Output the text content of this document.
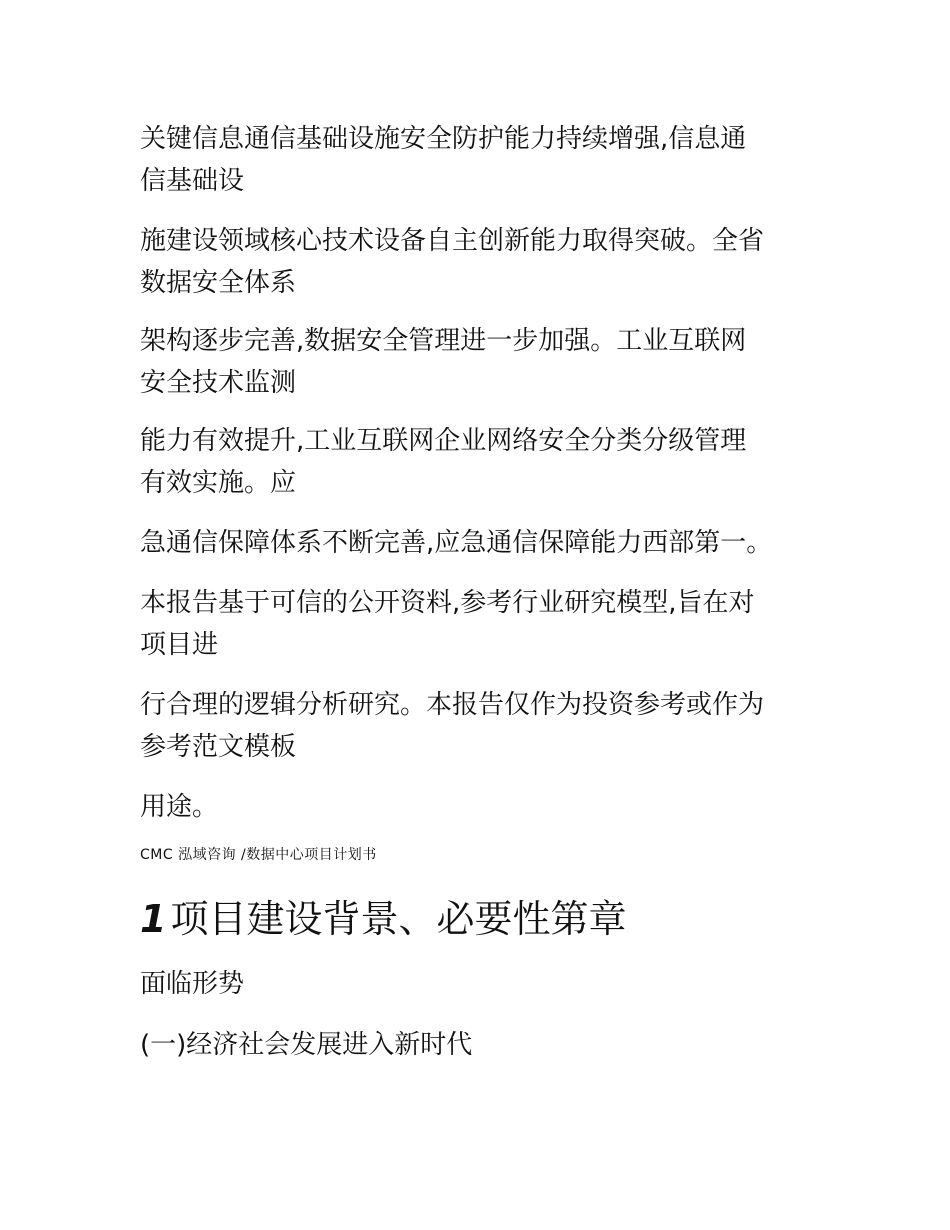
关键信息通信基础设施安全防护能力持续增强,信息通
信基础设
施建设领域核心技术设备自主创新能力取得突破。全省
数据安全体系
架构逐步完善,数据安全管理进一步加强。工业互联网
安全技术监测
能力有效提升,工业互联网企业网络安全分类分级管理
有效实施。应
急通信保障体系不断完善,应急通信保障能力西部第一。
本报告基于可信的公开资料,参考行业研究模型,旨在对
项目进
行合理的逻辑分析研究。本报告仅作为投资参考或作为
参考范文模板
用途。
CMC 泓域咨询 /数据中心项目计划书
1 项目建设背景、必要性第章
面临形势
(一)经济社会发展进入新时代
